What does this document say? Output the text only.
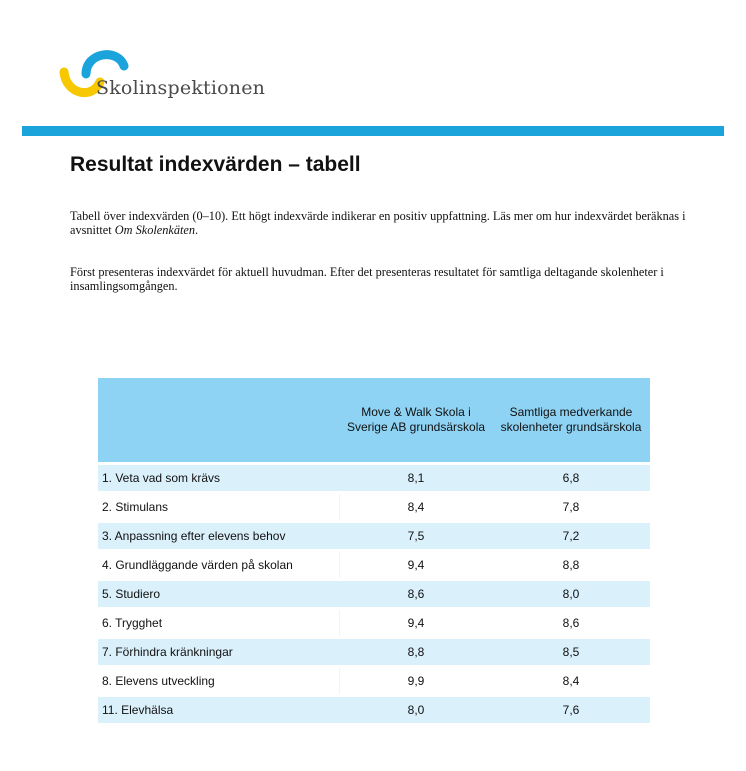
Skolinspektionen
Resultat indexvärden – tabell

Tabell över indexvärden (0–10). Ett högt indexvärde indikerar en positiv uppfattning. Läs mer om hur indexvärdet beräknas i avsnittet Om Skolenkäten.

Först presenteras indexvärdet för aktuell huvudman. Efter det presenteras resultatet för samtliga deltagande skolenheter i insamlingsomgången.

	Move & Walk Skola i Sverige AB grundsärskola	Samtliga medverkande skolenheter grundsärskola
1. Veta vad som krävs	8,1	6,8
2. Stimulans	8,4	7,8
3. Anpassning efter elevens behov	7,5	7,2
4. Grundläggande värden på skolan	9,4	8,8
5. Studiero	8,6	8,0
6. Trygghet	9,4	8,6
7. Förhindra kränkningar	8,8	8,5
8. Elevens utveckling	9,9	8,4
11. Elevhälsa	8,0	7,6
